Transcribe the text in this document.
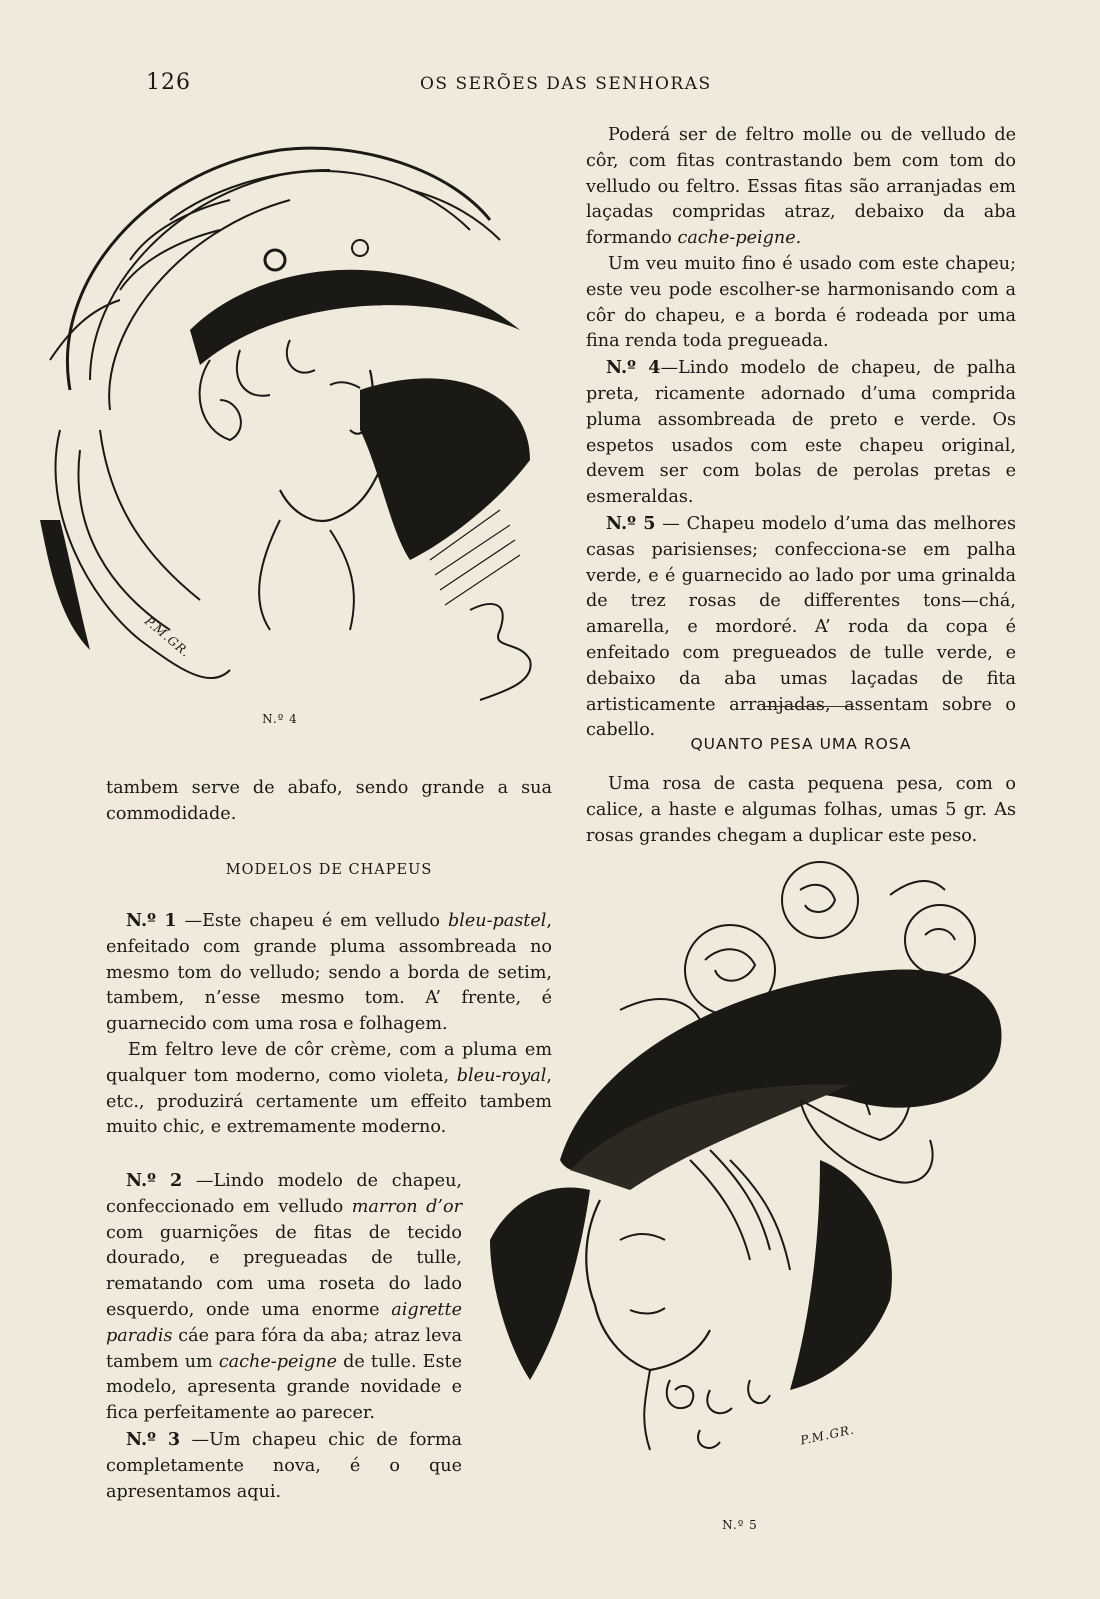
126	OS SERÕES DAS SENHORAS
P.M.GR.
N.º 4

Poderá ser de feltro molle ou de velludo de côr, com fitas contrastando bem com tom do velludo ou feltro. Essas fitas são arranjadas em laçadas compridas atraz, debaixo da aba formando cache-peigne.

Um veu muito fino é usado com este chapeu; este veu pode escolher-se harmonisando com a côr do chapeu, e a borda é rodeada por uma fina renda toda pregueada.

N.º 4—Lindo modelo de chapeu, de palha preta, ricamente adornado d’uma comprida pluma assombreada de preto e verde. Os espetos usados com este chapeu original, devem ser com bolas de perolas pretas e esmeraldas.

N.º 5 — Chapeu modelo d’uma das melhores casas parisienses; confecciona-se em palha verde, e é guarnecido ao lado por uma grinalda de trez rosas de differentes tons—chá, amarella, e mordoré. A’ roda da copa é enfeitado com pregueados de tulle verde, e debaixo da aba umas laçadas de fita artisticamente arranjadas, assentam sobre o cabello.

QUANTO PESA UMA ROSA

Uma rosa de casta pequena pesa, com o calice, a haste e algumas folhas, umas 5 gr. As rosas grandes chegam a duplicar este peso.

tambem serve de abafo, sendo grande a sua commodidade.

MODELOS DE CHAPEUS

N.º 1 —Este chapeu é em velludo bleu-pastel, enfeitado com grande pluma assombreada no mesmo tom do velludo; sendo a borda de setim, tambem, n’esse mesmo tom. A’ frente, é guarnecido com uma rosa e folhagem.

Em feltro leve de côr crème, com a pluma em qualquer tom moderno, como violeta, bleu-royal, etc., produzirá certamente um effeito tambem muito chic, e extremamente moderno.

N.º 2 —Lindo modelo de chapeu, confeccionado em velludo marron d’or com guarnições de fitas de tecido dourado, e pregueadas de tulle, rematando com uma roseta do lado esquerdo, onde uma enorme aigrette paradis cáe para fóra da aba; atraz leva tambem um cache-peigne de tulle. Este modelo, apresenta grande novidade e fica perfeitamente ao parecer.

N.º 3 —Um chapeu chic de forma completamente nova, é o que apresentamos aqui.

P.M.GR.
N.º 5
